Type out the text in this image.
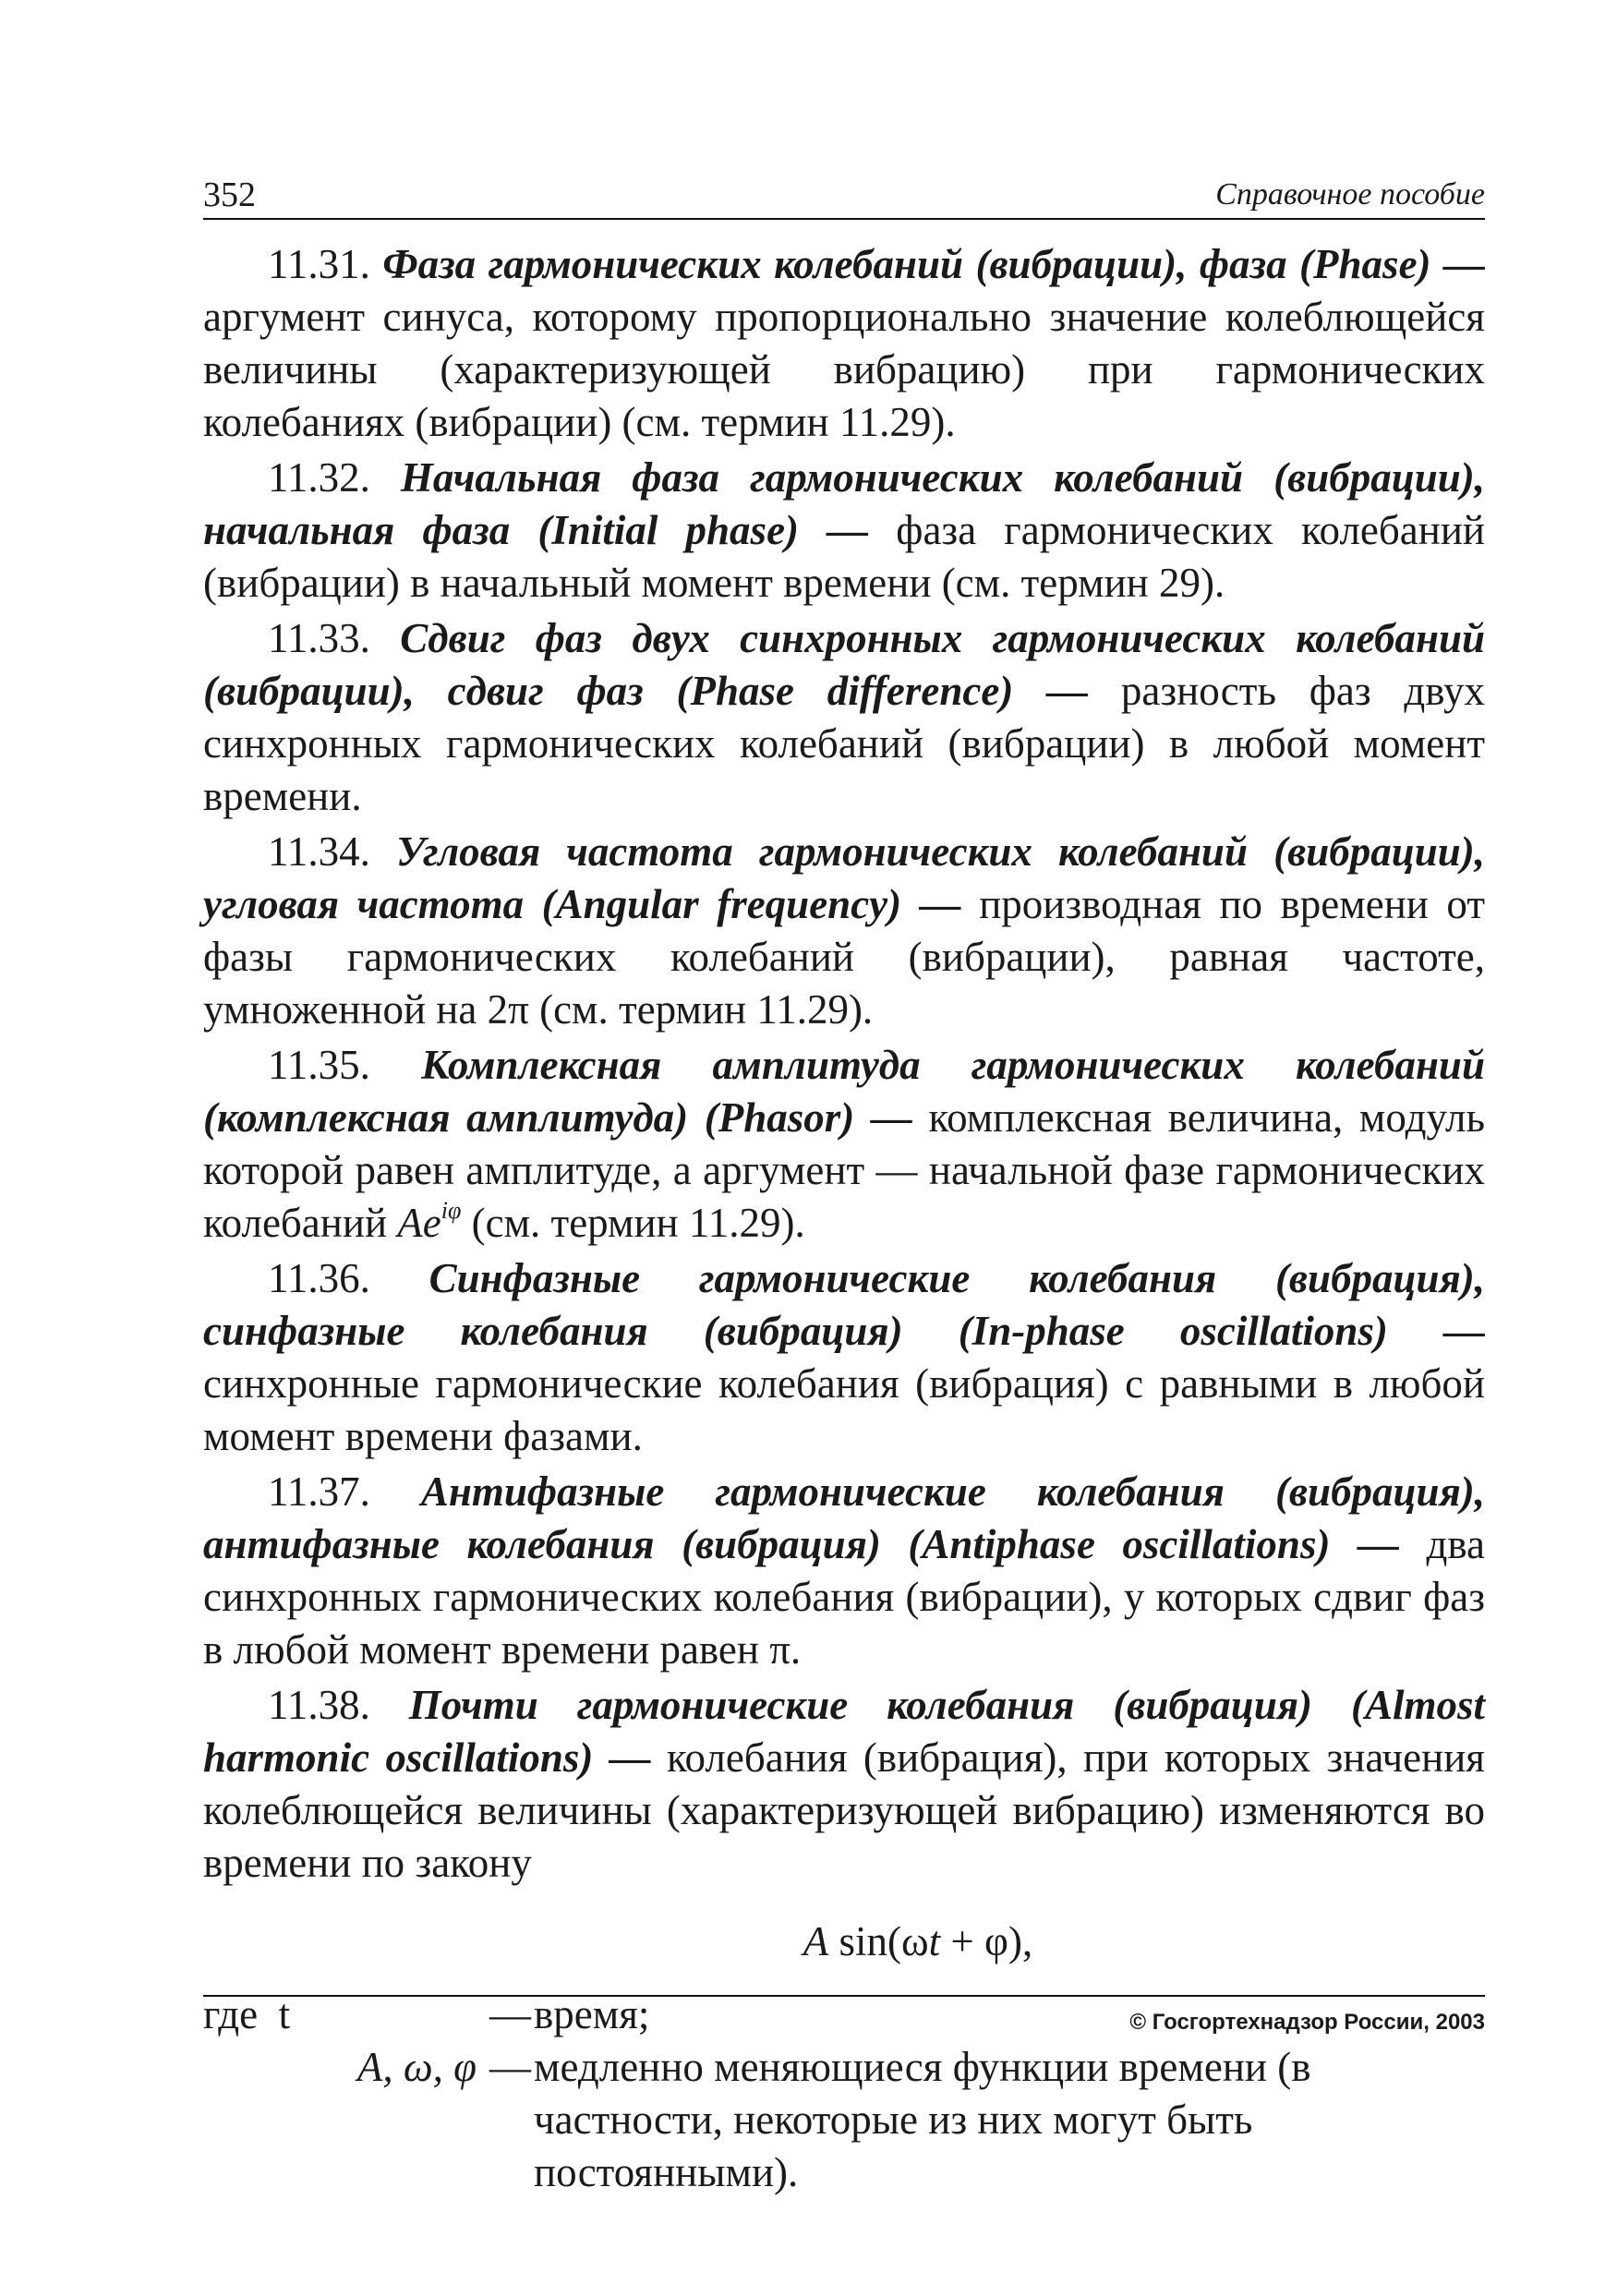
352	Справочное пособие

11.31. Фаза гармонических колебаний (вибрации), фаза (Phase) — аргумент синуса, которому пропорционально значение колеблющейся величины (характеризующей вибрацию) при гармонических колебаниях (вибрации) (см. термин 11.29).

11.32. Начальная фаза гармонических колебаний (вибрации), начальная фаза (Initial phase) — фаза гармонических колебаний (вибрации) в начальный момент времени (см. термин 29).

11.33. Сдвиг фаз двух синхронных гармонических колебаний (вибрации), сдвиг фаз (Phase difference) — разность фаз двух синхронных гармонических колебаний (вибрации) в любой момент времени.

11.34. Угловая частота гармонических колебаний (вибрации), угловая частота (Angular frequency) — производная по времени от фазы гармонических колебаний (вибрации), равная частоте, умноженной на 2π (см. термин 11.29).

11.35. Комплексная амплитуда гармонических колебаний (комплексная амплитуда) (Phasor) — комплексная величина, модуль которой равен амплитуде, а аргумент — начальной фазе гармонических колебаний $Ae^{i\varphi}$ (см. термин 11.29).

11.36. Синфазные гармонические колебания (вибрация), синфазные колебания (вибрация) (In-phase oscillations) — синхронные гармонические колебания (вибрация) с равными в любой момент времени фазами.

11.37. Антифазные гармонические колебания (вибрация), антифазные колебания (вибрация) (Antiphase oscillations) — два синхронных гармонических колебания (вибрации), у которых сдвиг фаз в любой момент времени равен π.

11.38. Почти гармонические колебания (вибрация) (Almost harmonic oscillations) — колебания (вибрация), при которых значения колеблющейся величины (характеризующей вибрацию) изменяются во времени по закону

A sin(ωt + φ),

где  t	— время;
A, ω, φ — медленно меняющиеся функции времени (в частности, некоторые из них могут быть постоянными).
© Госгортехнадзор России, 2003
